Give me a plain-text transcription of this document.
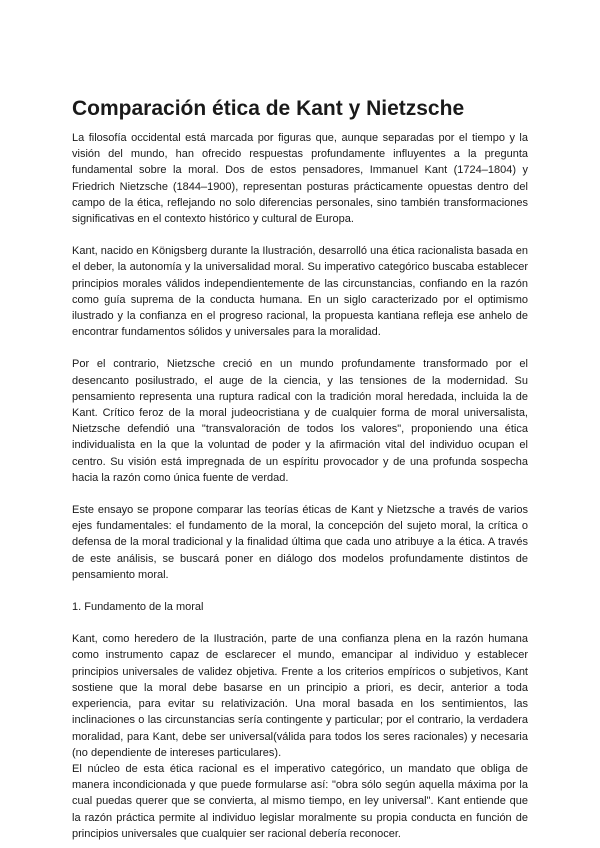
Comparación ética de Kant y Nietzsche

La filosofía occidental está marcada por figuras que, aunque separadas por el tiempo y la visión del mundo, han ofrecido respuestas profundamente influyentes a la pregunta fundamental sobre la moral. Dos de estos pensadores, Immanuel Kant (1724–1804) y Friedrich Nietzsche (1844–1900), representan posturas prácticamente opuestas dentro del campo de la ética, reflejando no solo diferencias personales, sino también transformaciones significativas en el contexto histórico y cultural de Europa.

Kant, nacido en Königsberg durante la Ilustración, desarrolló una ética racionalista basada en el deber, la autonomía y la universalidad moral. Su imperativo categórico buscaba establecer principios morales válidos independientemente de las circunstancias, confiando en la razón como guía suprema de la conducta humana. En un siglo caracterizado por el optimismo ilustrado y la confianza en el progreso racional, la propuesta kantiana refleja ese anhelo de encontrar fundamentos sólidos y universales para la moralidad.

Por el contrario, Nietzsche creció en un mundo profundamente transformado por el desencanto posilustrado, el auge de la ciencia, y las tensiones de la modernidad. Su pensamiento representa una ruptura radical con la tradición moral heredada, incluida la de Kant. Crítico feroz de la moral judeocristiana y de cualquier forma de moral universalista, Nietzsche defendió una "transvaloración de todos los valores", proponiendo una ética individualista en la que la voluntad de poder y la afirmación vital del individuo ocupan el centro. Su visión está impregnada de un espíritu provocador y de una profunda sospecha hacia la razón como única fuente de verdad.

Este ensayo se propone comparar las teorías éticas de Kant y Nietzsche a través de varios ejes fundamentales: el fundamento de la moral, la concepción del sujeto moral, la crítica o defensa de la moral tradicional y la finalidad última que cada uno atribuye a la ética. A través de este análisis, se buscará poner en diálogo dos modelos profundamente distintos de pensamiento moral.

1. Fundamento de la moral

Kant, como heredero de la Ilustración, parte de una confianza plena en la razón humana como instrumento capaz de esclarecer el mundo, emancipar al individuo y establecer principios universales de validez objetiva. Frente a los criterios empíricos o subjetivos, Kant sostiene que la moral debe basarse en un principio a priori, es decir, anterior a toda experiencia, para evitar su relativización. Una moral basada en los sentimientos, las inclinaciones o las circunstancias sería contingente y particular; por el contrario, la verdadera moralidad, para Kant, debe ser universal(válida para todos los seres racionales) y necesaria (no dependiente de intereses particulares).

El núcleo de esta ética racional es el imperativo categórico, un mandato que obliga de manera incondicionada y que puede formularse así: "obra sólo según aquella máxima por la cual puedas querer que se convierta, al mismo tiempo, en ley universal". Kant entiende que la razón práctica permite al individuo legislar moralmente su propia conducta en función de principios universales que cualquier ser racional debería reconocer.
